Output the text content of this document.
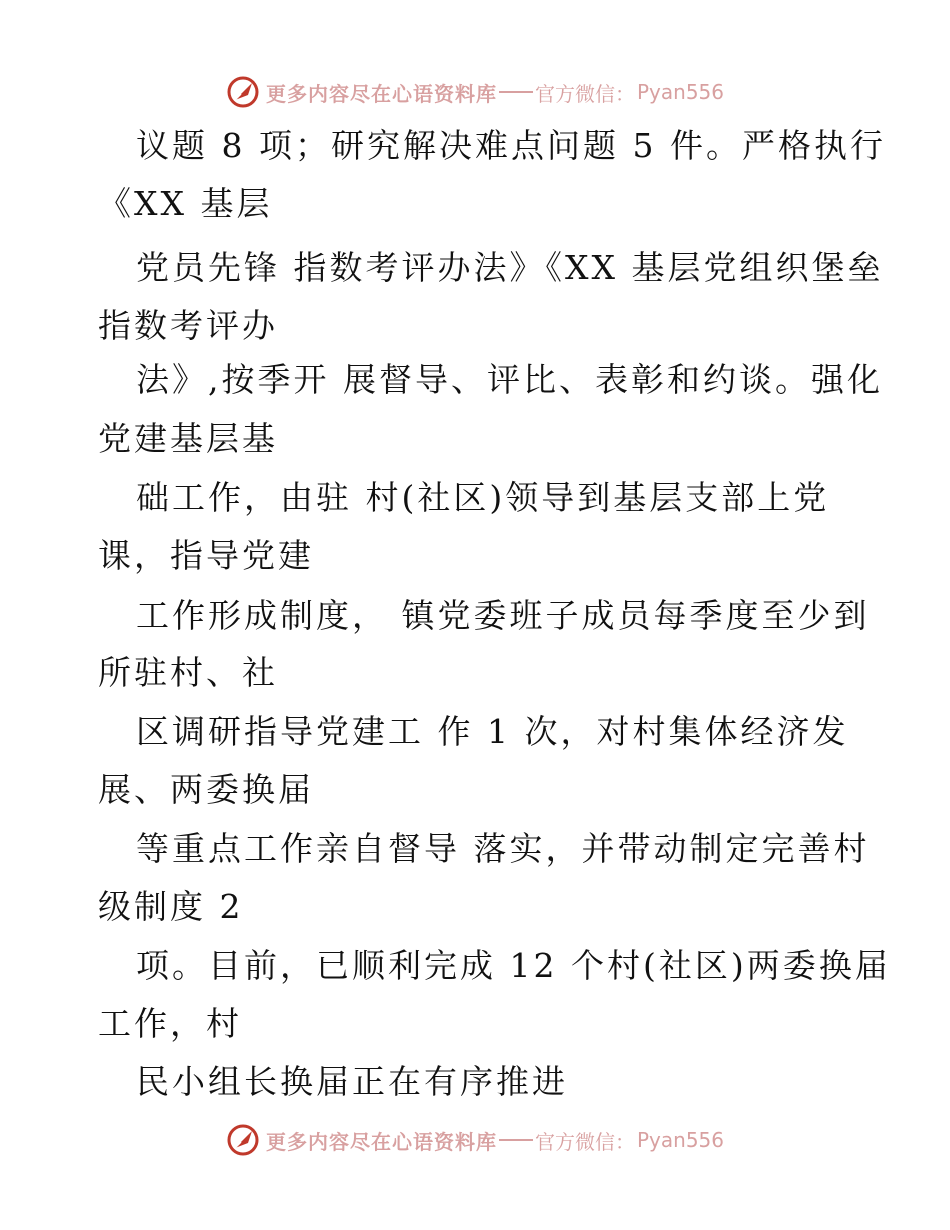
更多内容尽在心语资料库 官方微信： Pyan556
议题 8 项；研究解决难点问题 5 件。严格执行
《XX 基层
党员先锋 指数考评办法》《XX 基层党组织堡垒
指数考评办
法》,按季开 展督导、评比、表彰和约谈。强化
党建基层基
础工作，由驻 村(社区)领导到基层支部上党
课，指导党建
工作形成制度， 镇党委班子成员每季度至少到
所驻村、社
区调研指导党建工 作 1 次，对村集体经济发
展、两委换届
等重点工作亲自督导 落实，并带动制定完善村
级制度 2
项。目前，已顺利完成 12 个村(社区)两委换届
工作，村
民小组长换届正在有序推进
更多内容尽在心语资料库 官方微信： Pyan556
